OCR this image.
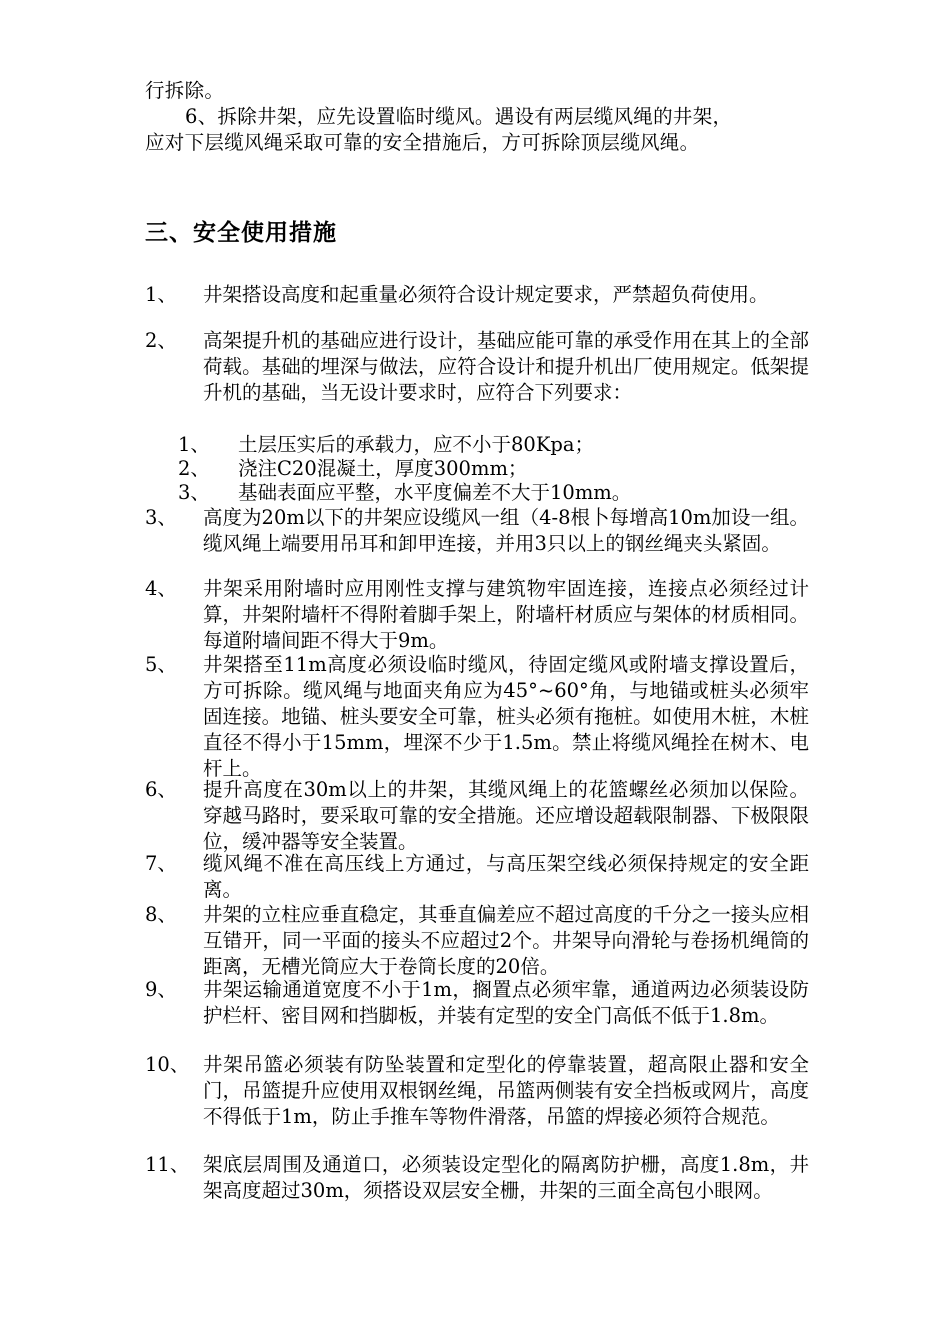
行拆除。
6、拆除井架，应先设置临时缆风。遇设有两层缆风绳的井架，
应对下层缆风绳采取可靠的安全措施后，方可拆除顶层缆风绳。
三、安全使用措施
1、 井架搭设高度和起重量必须符合设计规定要求，严禁超负荷使用。
2、 高架提升机的基础应进行设计，基础应能可靠的承受作用在其上的全部荷载。基础的埋深与做法，应符合设计和提升机出厂使用规定。低架提升机的基础，当无设计要求时，应符合下列要求：
1、 土层压实后的承载力，应不小于80Kpa；
2、 浇注C20混凝土，厚度300mm；
3、 基础表面应平整，水平度偏差不大于10mm。
3、 高度为20m以下的井架应设缆风一组（4-8根卜每增高10m加设一组。缆风绳上端要用吊耳和卸甲连接，并用3只以上的钢丝绳夹头紧固。
4、 井架采用附墙时应用刚性支撑与建筑物牢固连接，连接点必须经过计算，井架附墙杆不得附着脚手架上，附墙杆材质应与架体的材质相同。每道附墙间距不得大于9m。
5、 井架搭至11m高度必须设临时缆风，待固定缆风或附墙支撑设置后，方可拆除。缆风绳与地面夹角应为45°~60°角，与地锚或桩头必须牢固连接。地锚、桩头要安全可靠，桩头必须有拖桩。如使用木桩，木桩直径不得小于15mm，埋深不少于1.5m。禁止将缆风绳拴在树木、电杆上。
6、 提升高度在30m以上的井架，其缆风绳上的花篮螺丝必须加以保险。穿越马路时，要采取可靠的安全措施。还应增设超载限制器、下极限限位，缓冲器等安全装置。
7、 缆风绳不准在高压线上方通过，与高压架空线必须保持规定的安全距离。
8、 井架的立柱应垂直稳定，其垂直偏差应不超过高度的千分之一接头应相互错开，同一平面的接头不应超过2个。井架导向滑轮与卷扬机绳筒的距离，无槽光筒应大于卷筒长度的20倍。
9、 井架运输通道宽度不小于1m，搁置点必须牢靠，通道两边必须装设防护栏杆、密目网和挡脚板，并装有定型的安全门高低不低于1.8m。
10、 井架吊篮必须装有防坠装置和定型化的停靠装置，超高限止器和安全门，吊篮提升应使用双根钢丝绳，吊篮两侧装有安全挡板或网片，高度不得低于1m，防止手推车等物件滑落，吊篮的焊接必须符合规范。
11、 架底层周围及通道口，必须装设定型化的隔离防护栅，高度1.8m，井架高度超过30m，须搭设双层安全栅，井架的三面全高包小眼网。
